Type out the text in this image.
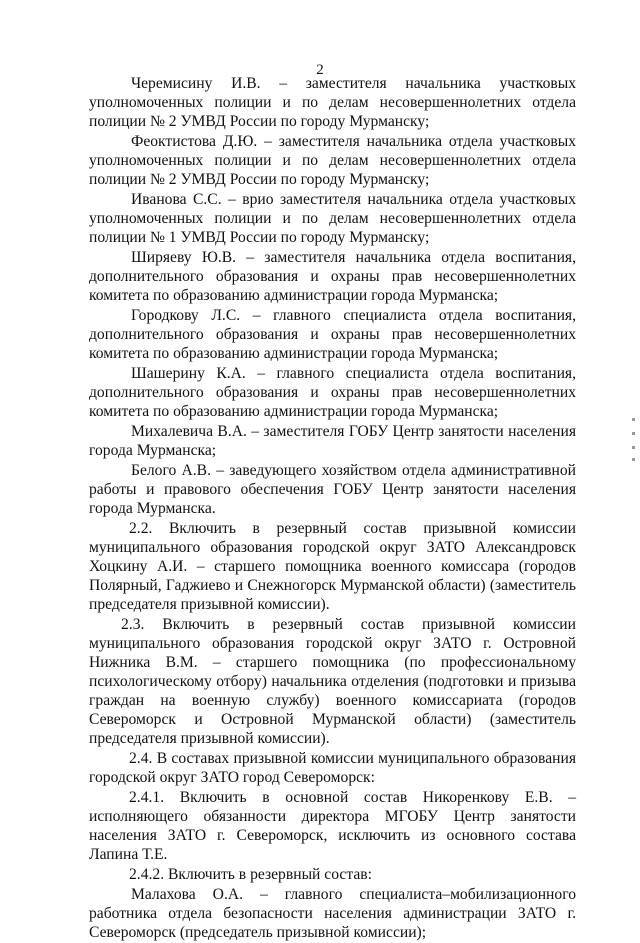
2

Черемисину И.В. – заместителя начальника участковых уполномоченных полиции и по делам несовершеннолетних отдела полиции № 2 УМВД России по городу Мурманску;

Феоктистова Д.Ю. – заместителя начальника отдела участковых уполномоченных полиции и по делам несовершеннолетних отдела полиции № 2 УМВД России по городу Мурманску;

Иванова С.С. – врио заместителя начальника отдела участковых уполномоченных полиции и по делам несовершеннолетних отдела полиции № 1 УМВД России по городу Мурманску;

Ширяеву Ю.В. – заместителя начальника отдела воспитания, дополнительного образования и охраны прав несовершеннолетних комитета по образованию администрации города Мурманска;

Городкову Л.С. – главного специалиста отдела воспитания, дополнительного образования и охраны прав несовершеннолетних комитета по образованию администрации города Мурманска;

Шашерину К.А. – главного специалиста отдела воспитания, дополнительного образования и охраны прав несовершеннолетних комитета по образованию администрации города Мурманска;

Михалевича В.А. – заместителя ГОБУ Центр занятости населения города Мурманска;

Белого А.В. – заведующего хозяйством отдела административной работы и правового обеспечения ГОБУ Центр занятости населения города Мурманска.

2.2. Включить в резервный состав призывной комиссии муниципального образования городской округ ЗАТО Александровск Хоцкину А.И. – старшего помощника военного комиссара (городов Полярный, Гаджиево и Снежногорск Мурманской области) (заместитель председателя призывной комиссии).

2.3. Включить в резервный состав призывной комиссии муниципального образования городской округ ЗАТО г. Островной Нижника В.М. – старшего помощника (по профессиональному психологическому отбору) начальника отделения (подготовки и призыва граждан на военную службу) военного комиссариата (городов Североморск и Островной Мурманской области) (заместитель председателя призывной комиссии).

2.4. В составах призывной комиссии муниципального образования городской округ ЗАТО город Североморск:

2.4.1. Включить в основной состав Никоренкову Е.В. – исполняющего обязанности директора МГОБУ Центр занятости населения ЗАТО г. Североморск, исключить из основного состава Лапина Т.Е.

2.4.2. Включить в резервный состав:

Малахова О.А. – главного специалиста–мобилизационного работника отдела безопасности населения администрации ЗАТО г. Североморск (председатель призывной комиссии);
